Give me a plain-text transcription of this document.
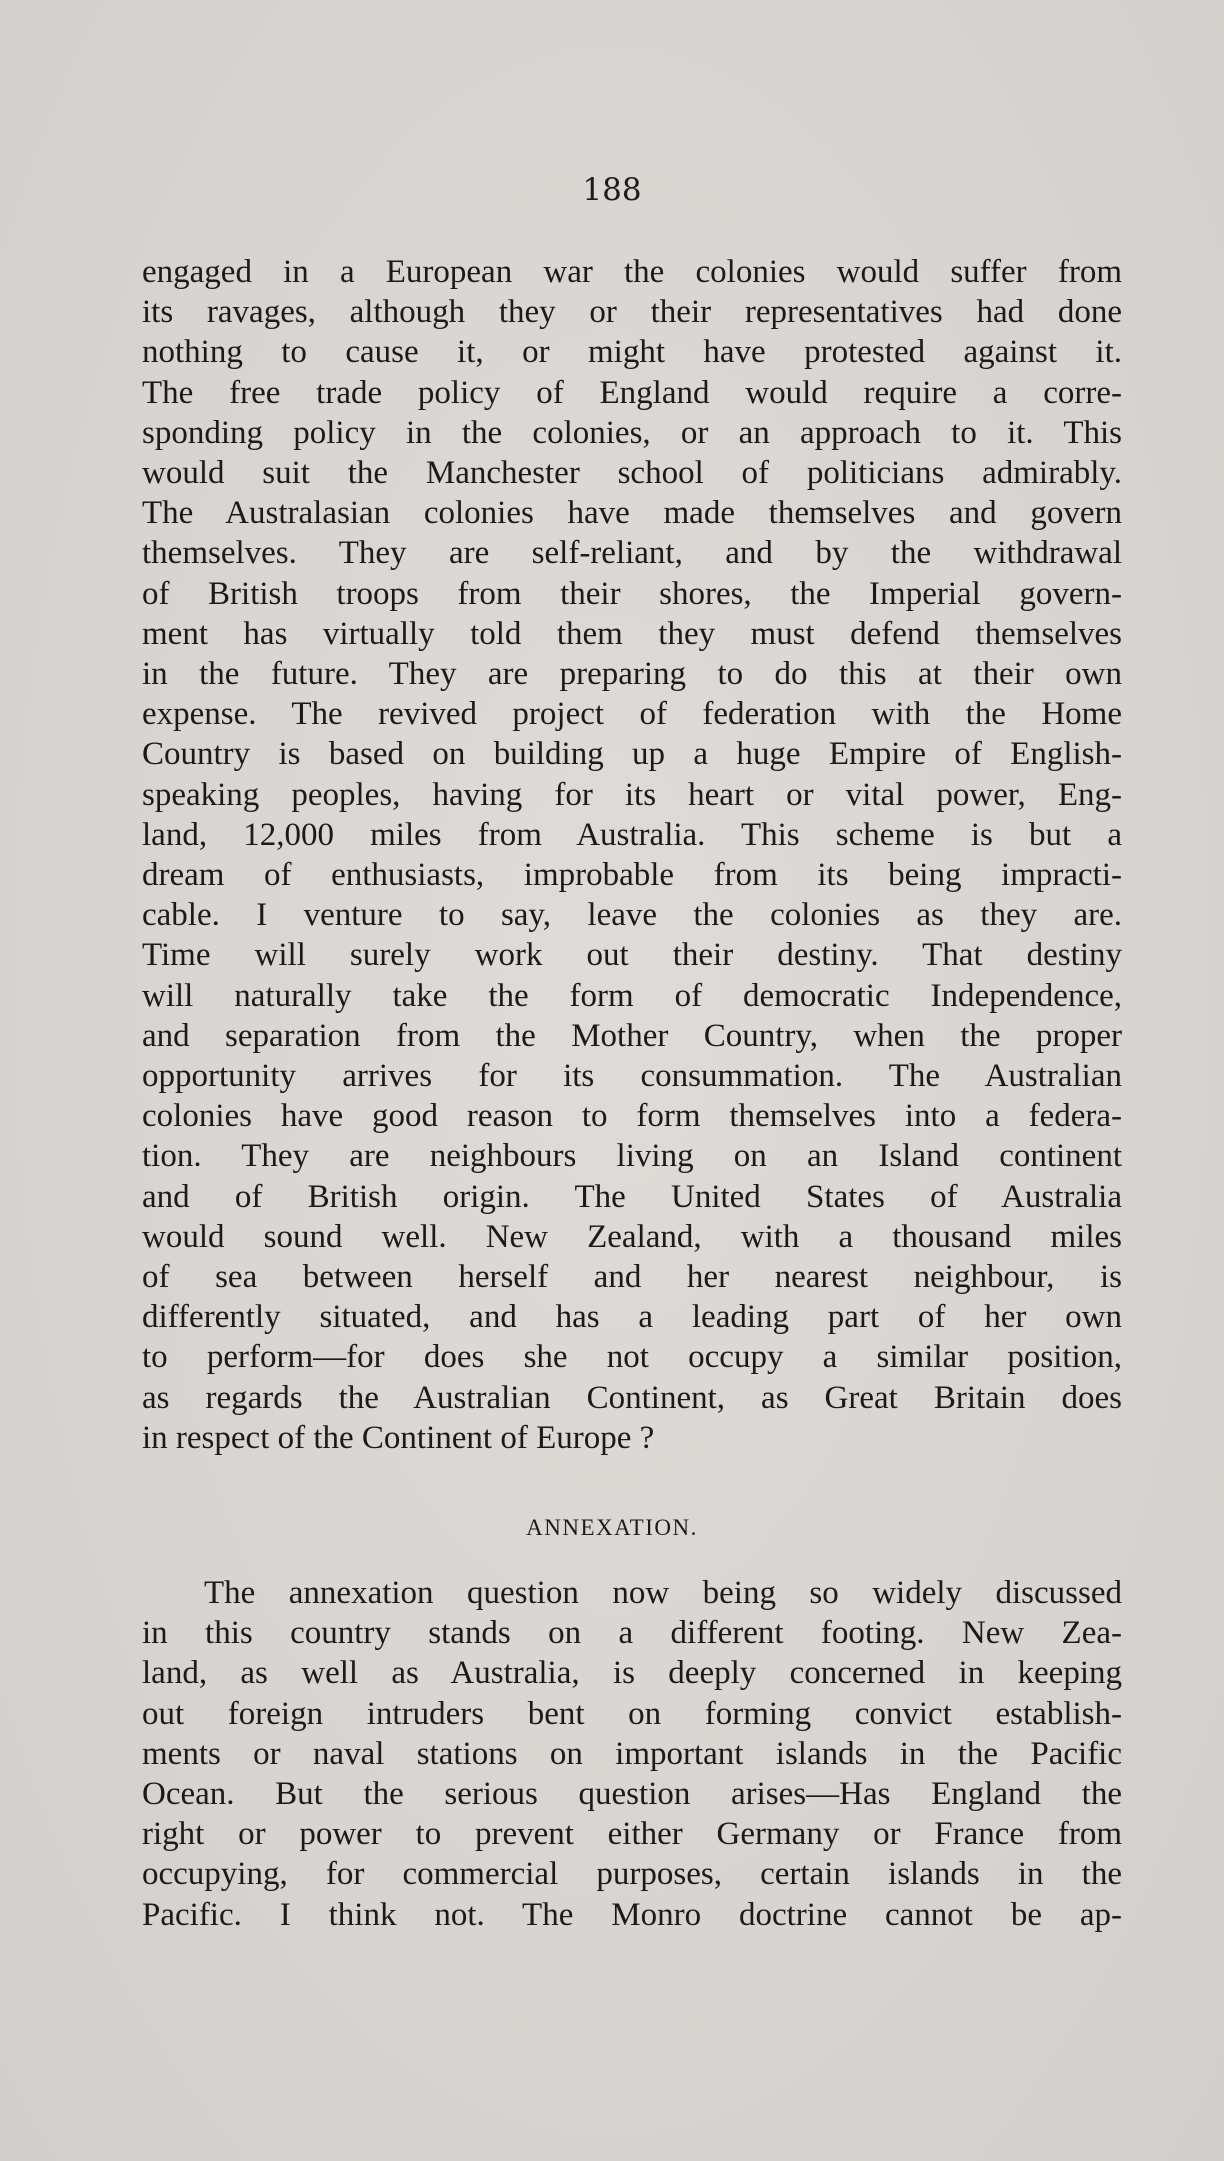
188
engaged in a European war the colonies would suffer from
its ravages, although they or their representatives had done
nothing to cause it, or might have protested against it.
The free trade policy of England would require a corre-
sponding policy in the colonies, or an approach to it. This
would suit the Manchester school of politicians admirably.
The Australasian colonies have made themselves and govern
themselves. They are self-reliant, and by the withdrawal
of British troops from their shores, the Imperial govern-
ment has virtually told them they must defend themselves
in the future. They are preparing to do this at their own
expense. The revived project of federation with the Home
Country is based on building up a huge Empire of English-
speaking peoples, having for its heart or vital power, Eng-
land, 12,000 miles from Australia. This scheme is but a
dream of enthusiasts, improbable from its being impracti-
cable. I venture to say, leave the colonies as they are.
Time will surely work out their destiny. That destiny
will naturally take the form of democratic Independence,
and separation from the Mother Country, when the proper
opportunity arrives for its consummation. The Australian
colonies have good reason to form themselves into a federa-
tion. They are neighbours living on an Island continent
and of British origin. The United States of Australia
would sound well. New Zealand, with a thousand miles
of sea between herself and her nearest neighbour, is
differently situated, and has a leading part of her own
to perform—for does she not occupy a similar position,
as regards the Australian Continent, as Great Britain does
in respect of the Continent of Europe ?
ANNEXATION.
The annexation question now being so widely discussed
in this country stands on a different footing. New Zea-
land, as well as Australia, is deeply concerned in keeping
out foreign intruders bent on forming convict establish-
ments or naval stations on important islands in the Pacific
Ocean. But the serious question arises—Has England the
right or power to prevent either Germany or France from
occupying, for commercial purposes, certain islands in the
Pacific. I think not. The Monro doctrine cannot be ap-
